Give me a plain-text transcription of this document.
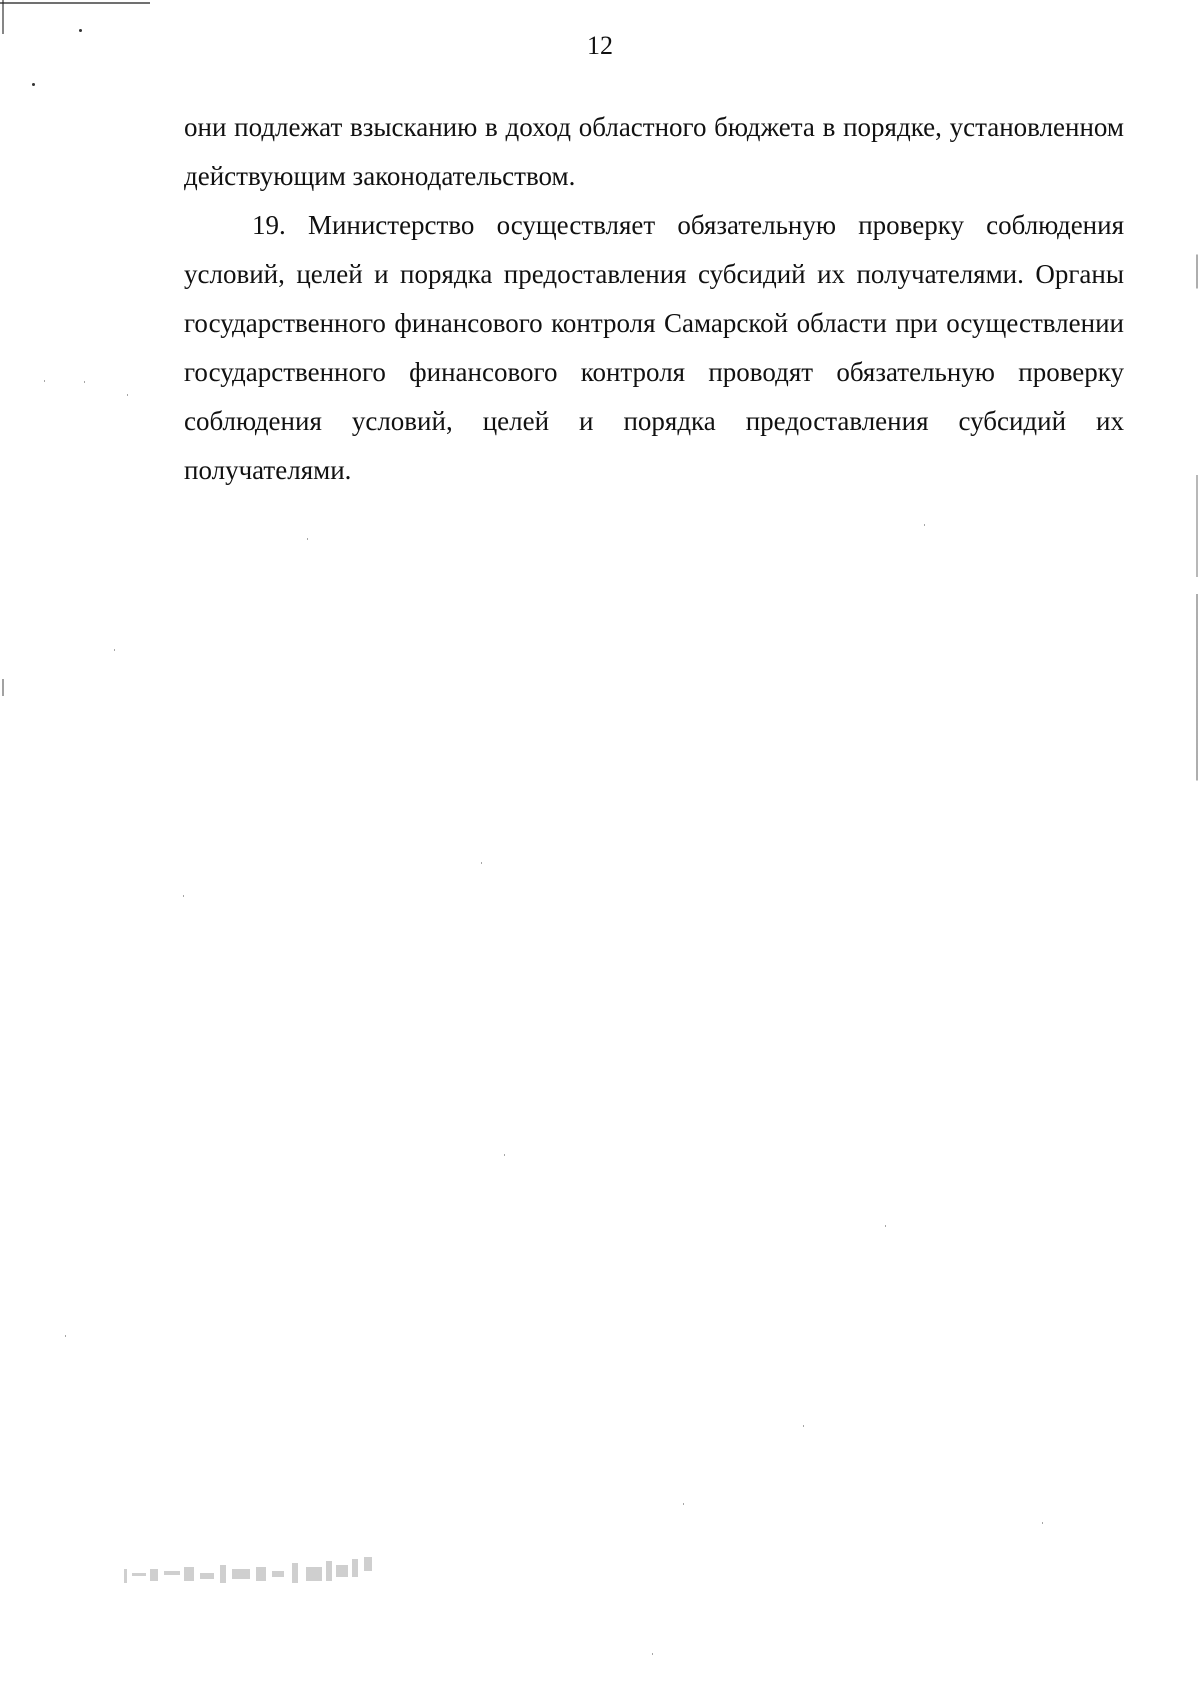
12

они подлежат взысканию в доход областного бюджета в порядке, установленном действующим законодательством.

19. Министерство осуществляет обязательную проверку соблюдения условий, целей и порядка предоставления субсидий их получателями. Органы государственного финансового контроля Самарской области при осуществлении государственного финансового контроля проводят обязательную проверку соблюдения условий, целей и порядка предоставления субсидий их получателями.
